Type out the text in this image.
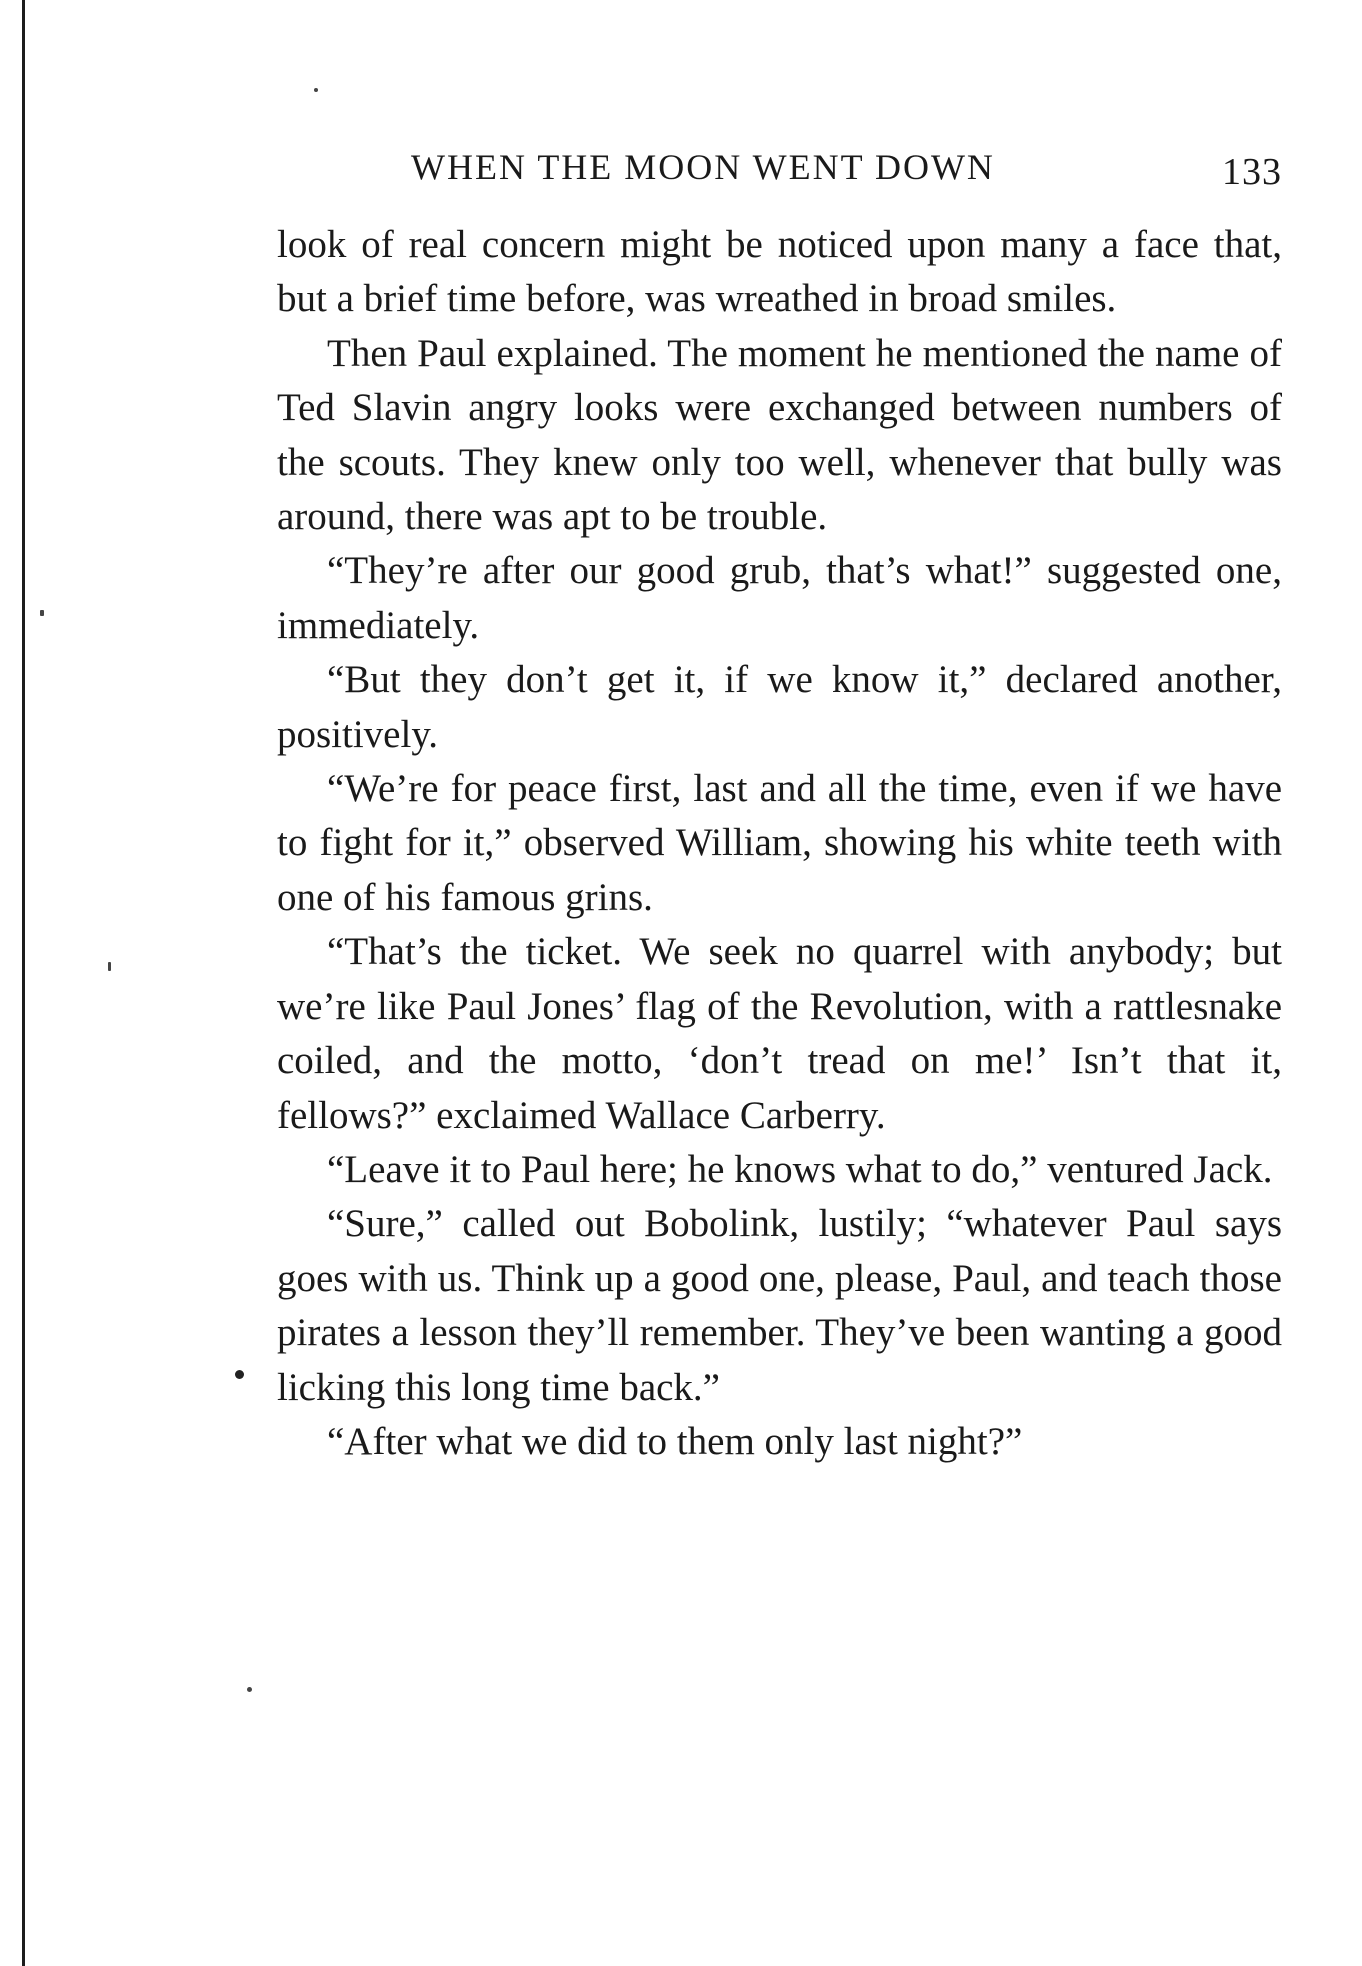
WHEN THE MOON WENT DOWN	133

look of real concern might be noticed upon many a face that, but a brief time before, was wreathed in broad smiles.

Then Paul explained. The moment he mentioned the name of Ted Slavin angry looks were exchanged between numbers of the scouts. They knew only too well, whenever that bully was around, there was apt to be trouble.

“They’re after our good grub, that’s what!” suggested one, immediately.

“But they don’t get it, if we know it,” declared another, positively.

“We’re for peace first, last and all the time, even if we have to fight for it,” observed William, showing his white teeth with one of his famous grins.

“That’s the ticket. We seek no quarrel with anybody; but we’re like Paul Jones’ flag of the Revolution, with a rattlesnake coiled, and the motto, ‘don’t tread on me!’ Isn’t that it, fellows?” exclaimed Wallace Carberry.

“Leave it to Paul here; he knows what to do,” ventured Jack.

“Sure,” called out Bobolink, lustily; “whatever Paul says goes with us. Think up a good one, please, Paul, and teach those pirates a lesson they’ll remember. They’ve been wanting a good licking this long time back.”

“After what we did to them only last night?”
